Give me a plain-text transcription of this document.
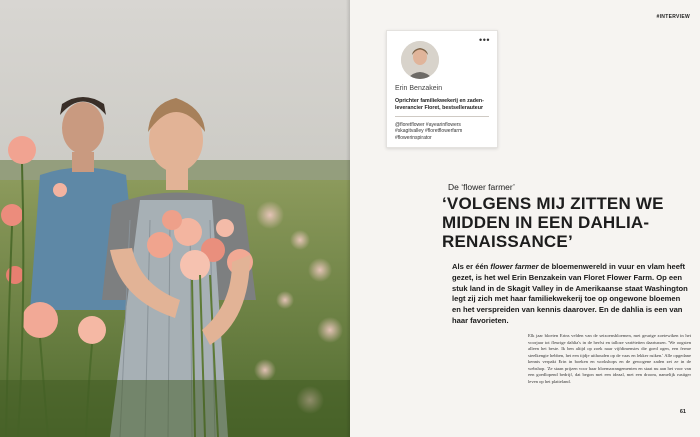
#INTERVIEW
•••
Erin Benzakein
Oprichter familiekwekerij en zaden-leverancier Floret, bestsellerauteur
@floretflower #ayearinflowers #skagitvalley #floretflowerfarm #flowerinspirator
De ‘flower farmer’
‘VOLGENS MIJ ZITTEN WE MIDDEN IN EEN DAHLIA-RENAISSANCE’
Als er één flower farmer de bloemenwereld in vuur en vlam heeft gezet, is het wel Erin Benzakein van Floret Flower Farm. Op een stuk land in de Skagit Valley in de Amerikaanse staat Washington legt zij zich met haar familiekwekerij toe op ongewone bloemen en het verspreiden van kennis daarover. En de dahlia is een van haar favorieten.
Elk jaar bloeien Erins velden van de seizoensbloemen, met geurige zoetewiken in het voorjaar tot fleurige dahlia's in de herfst en talloze variëteiten daartussen. 'We oogsten alleen het beste. Ik ben altijd op zoek naar vijfdimensies die goed ogen, een ferme steelkengte hebben, het een tijdje uithouden op de vaas en lekker ruiken.' Alle opgedane kennis verpakt Erin in boeken en workshops en de gewogene zaden zet ze in de webshop. 'Ze staan prijzen voor haar bloemarrangementen en staat nu aan het voor van een goedlopend bedrijf, dat begon met een ideaal, met een droom, namelijk rustiger leven op het platteland.
61
